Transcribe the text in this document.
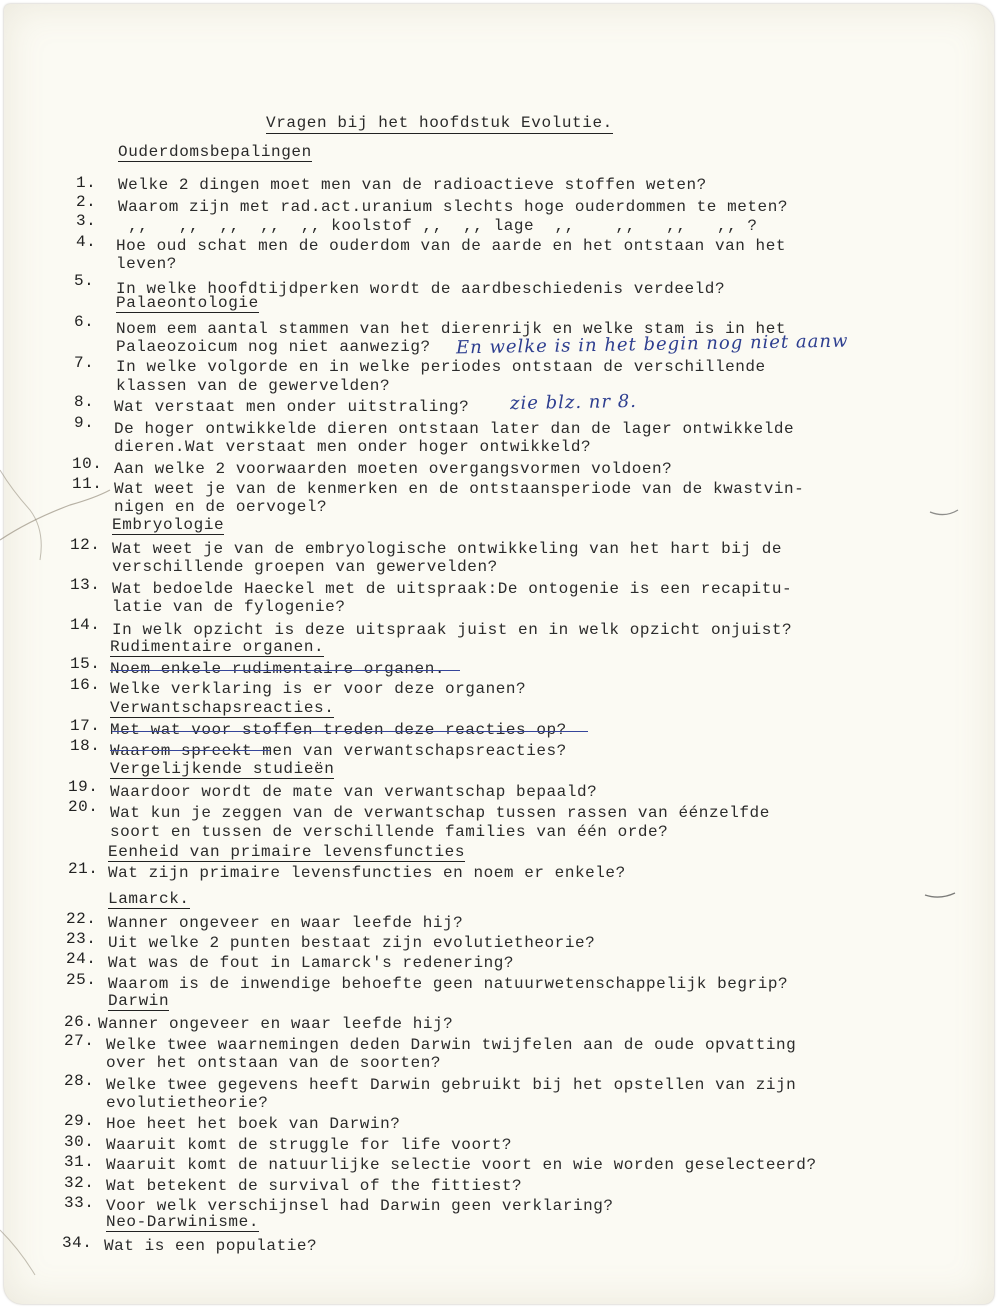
Vragen bij het hoofdstuk Evolutie.
Ouderdomsbepalingen
Palaeontologie
Embryologie
Rudimentaire organen.
Verwantschapsreacties.
Vergelijkende studieën
Eenheid van primaire levensfuncties
Lamarck.
Darwin
Neo-Darwinisme.
1. Welke 2 dingen moet men van de radioactieve stoffen weten?
2. Waarom zijn met rad.act.uranium slechts hoge ouderdommen te meten?
3. ,,   ,,  ,,  ,,  ,, koolstof ,,  ,, lage  ,,    ,,   ,,   ,, ?
4. Hoe oud schat men de ouderdom van de aarde en het ontstaan van het
leven?
5. In welke hoofdtijdperken wordt de aardbeschiedenis verdeeld?
6. Noem eem aantal stammen van het dierenrijk en welke stam is in het
Palaeozoicum nog niet aanwezig? En welke is in het begin nog niet aanw
7. In welke volgorde en in welke periodes ontstaan de verschillende
klassen van de gewervelden?
8. Wat verstaat men onder uitstraling? zie blz. nr 8.
9. De hoger ontwikkelde dieren ontstaan later dan de lager ontwikkelde
dieren.Wat verstaat men onder hoger ontwikkeld?
10. Aan welke 2 voorwaarden moeten overgangsvormen voldoen?
11. Wat weet je van de kenmerken en de ontstaansperiode van de kwastvin-
nigen en de oervogel?
12. Wat weet je van de embryologische ontwikkeling van het hart bij de
verschillende groepen van gewervelden?
13. Wat bedoelde Haeckel met de uitspraak:De ontogenie is een recapitu-
latie van de fylogenie?
14. In welk opzicht is deze uitspraak juist en in welk opzicht onjuist?
15. Noem enkele rudimentaire organen.
16. Welke verklaring is er voor deze organen?
17. Met wat voor stoffen treden deze reacties op?
18. Waarom spreekt men van verwantschapsreacties?
19. Waardoor wordt de mate van verwantschap bepaald?
20. Wat kun je zeggen van de verwantschap tussen rassen van éénzelfde
soort en tussen de verschillende families van één orde?
21. Wat zijn primaire levensfuncties en noem er enkele?
22. Wanner ongeveer en waar leefde hij?
23. Uit welke 2 punten bestaat zijn evolutietheorie?
24. Wat was de fout in Lamarck's redenering?
25. Waarom is de inwendige behoefte geen natuurwetenschappelijk begrip?
26. Wanner ongeveer en waar leefde hij?
27. Welke twee waarnemingen deden Darwin twijfelen aan de oude opvatting
over het ontstaan van de soorten?
28. Welke twee gegevens heeft Darwin gebruikt bij het opstellen van zijn
evolutietheorie?
29. Hoe heet het boek van Darwin?
30. Waaruit komt de struggle for life voort?
31. Waaruit komt de natuurlijke selectie voort en wie worden geselecteerd?
32. Wat betekent de survival of the fittiest?
33. Voor welk verschijnsel had Darwin geen verklaring?
34. Wat is een populatie?
